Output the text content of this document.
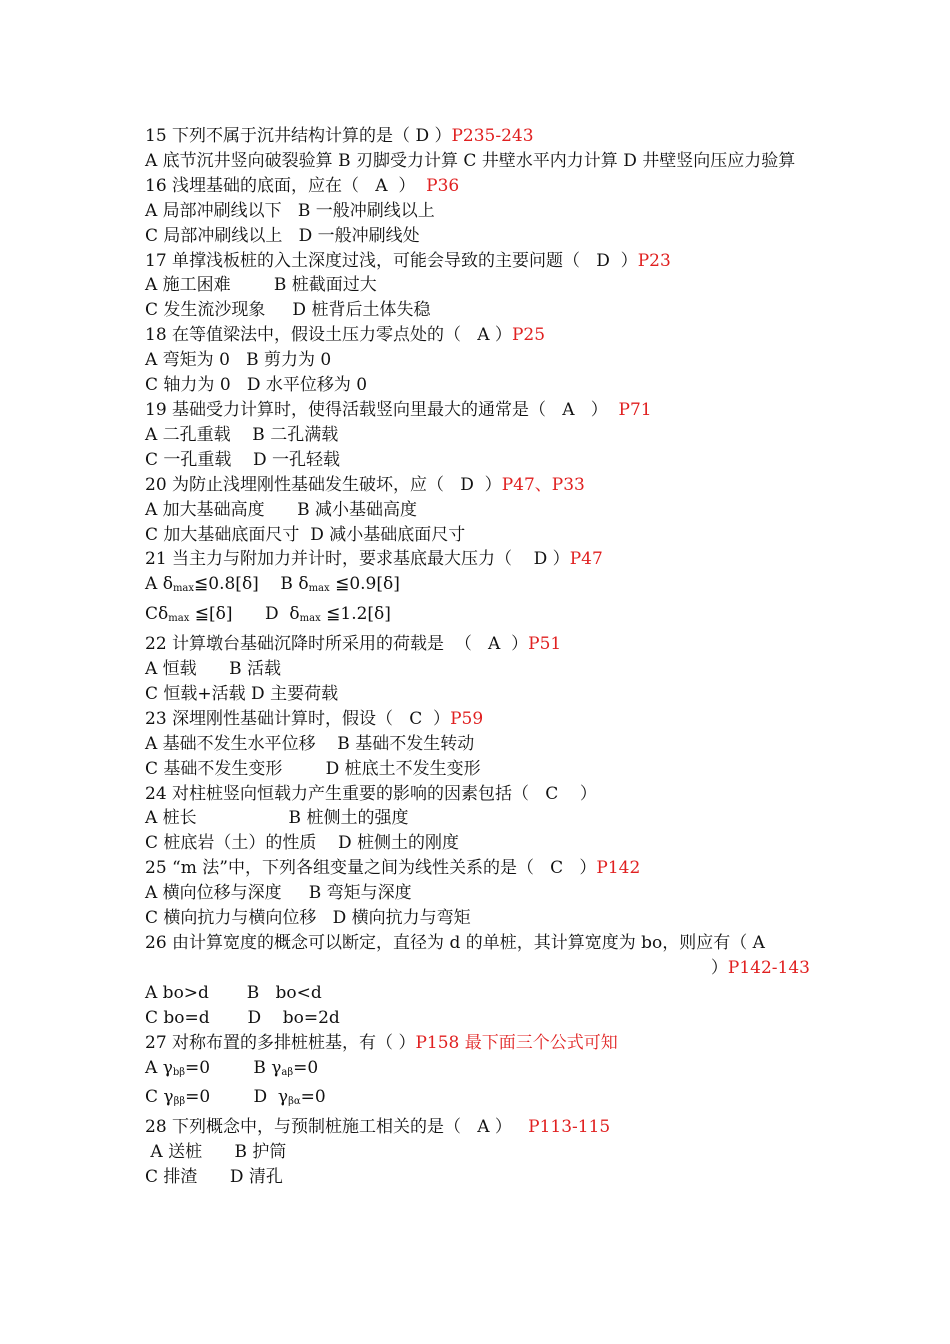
15 下列不属于沉井结构计算的是（ D ）P235-243
A 底节沉井竖向破裂验算 B 刃脚受力计算 C 井壁水平内力计算 D 井壁竖向压应力验算
16 浅埋基础的底面，应在（   A  ）  P36
A 局部冲刷线以下   B 一般冲刷线以上
C 局部冲刷线以上   D 一般冲刷线处
17 单撑浅板桩的入土深度过浅，可能会导致的主要问题（   D  ）P23
A 施工困难        B 桩截面过大
C 发生流沙现象     D 桩背后土体失稳
18 在等值梁法中，假设土压力零点处的（   A ）P25
A 弯矩为 0   B 剪力为 0
C 轴力为 0   D 水平位移为 0
19 基础受力计算时，使得活载竖向里最大的通常是（   A   ）  P71
A 二孔重载    B 二孔满载
C 一孔重载    D 一孔轻载
20 为防止浅埋刚性基础发生破坏，应（   D  ）P47、P33
A 加大基础高度      B 减小基础高度
C 加大基础底面尺寸  D 减小基础底面尺寸
21 当主力与附加力并计时，要求基底最大压力（    D ）P47
A $\delta_{max}≦0.8[\delta]$    B $\delta_{max}$ ≦0.9[δ]
$C\delta_{max}$ ≦[δ]      D  $\delta_{max}$ ≦1.2[δ]
22 计算墩台基础沉降时所采用的荷载是  （   A  ）P51
A 恒载      B 活载
C 恒载+活载 D 主要荷载
23 深埋刚性基础计算时，假设（   C  ）P59
A 基础不发生水平位移    B 基础不发生转动
C 基础不发生变形        D 桩底土不发生变形
24 对柱桩竖向恒载力产生重要的影响的因素包括（   C    ）
A 桩长                 B 桩侧土的强度
C 桩底岩（土）的性质    D 桩侧土的刚度
25 “m 法”中，下列各组变量之间为线性关系的是（   C   ）P142
A 横向位移与深度     B 弯矩与深度
C 横向抗力与横向位移   D 横向抗力与弯矩
26 由计算宽度的概念可以断定，直径为 d 的单桩，其计算宽度为 bo，则应有（ A
）P142-143
A bo>d       B   bo<d
C bo=d       D    bo=2d
27 对称布置的多排桩桩基，有（ ）P158 最下面三个公式可知
A $\gamma_{b\beta}=0$        B $\gamma_{a\beta}=0$
C $\gamma_{\beta\beta}=0$        D  $\gamma_{\beta\alpha}=0$
28 下列概念中，与预制桩施工相关的是（   A ）   P113-115
A 送桩      B 护筒
C 排渣      D 清孔
